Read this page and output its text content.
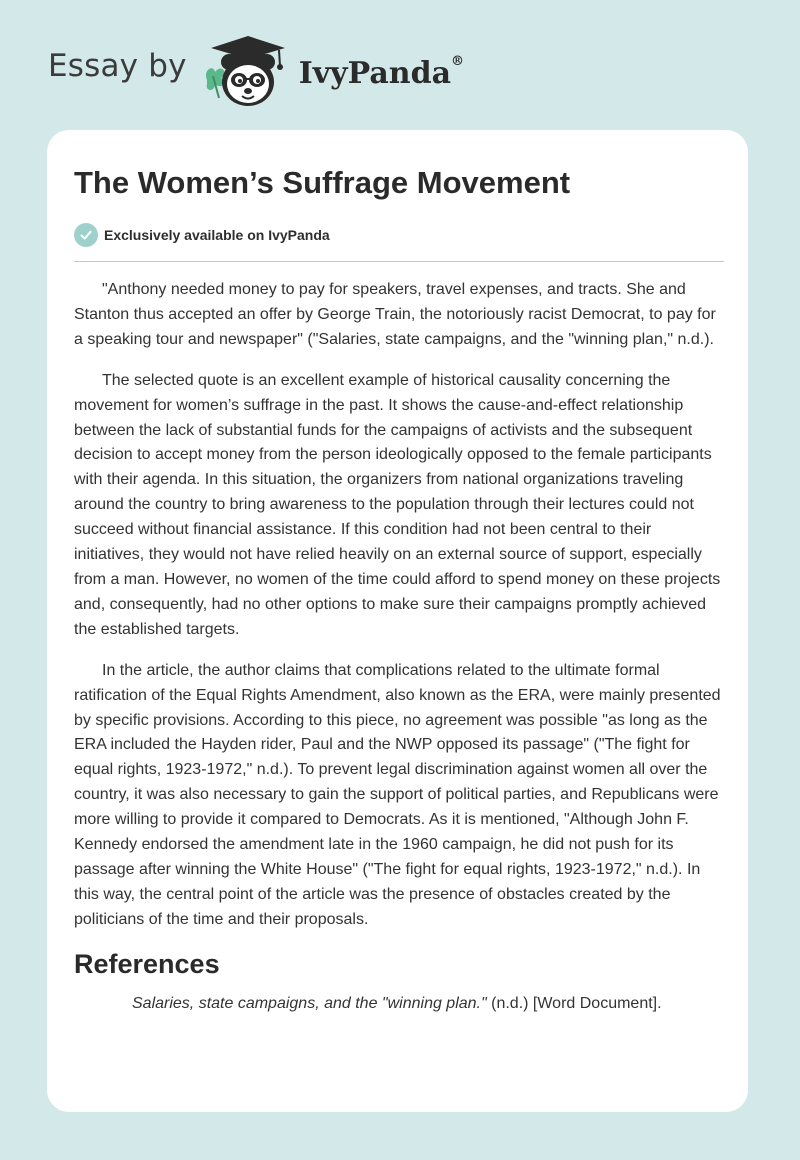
Essay by	IvyPanda®
The Women’s Suffrage Movement
Exclusively available on IvyPanda

"Anthony needed money to pay for speakers, travel expenses, and tracts. She and Stanton thus accepted an offer by George Train, the notoriously racist Democrat, to pay for a speaking tour and newspaper" ("Salaries, state campaigns, and the "winning plan," n.d.).

The selected quote is an excellent example of historical causality concerning the movement for women’s suffrage in the past. It shows the cause-and-effect relationship between the lack of substantial funds for the campaigns of activists and the subsequent decision to accept money from the person ideologically opposed to the female participants with their agenda. In this situation, the organizers from national organizations traveling around the country to bring awareness to the population through their lectures could not succeed without financial assistance. If this condition had not been central to their initiatives, they would not have relied heavily on an external source of support, especially from a man. However, no women of the time could afford to spend money on these projects and, consequently, had no other options to make sure their campaigns promptly achieved the established targets.

In the article, the author claims that complications related to the ultimate formal ratification of the Equal Rights Amendment, also known as the ERA, were mainly presented by specific provisions. According to this piece, no agreement was possible "as long as the ERA included the Hayden rider, Paul and the NWP opposed its passage" ("The fight for equal rights, 1923-1972," n.d.). To prevent legal discrimination against women all over the country, it was also necessary to gain the support of political parties, and Republicans were more willing to provide it compared to Democrats. As it is mentioned, "Although John F. Kennedy endorsed the amendment late in the 1960 campaign, he did not push for its passage after winning the White House" ("The fight for equal rights, 1923-1972," n.d.). In this way, the central point of the article was the presence of obstacles created by the politicians of the time and their proposals.

References

Salaries, state campaigns, and the "winning plan." (n.d.) [Word Document].
